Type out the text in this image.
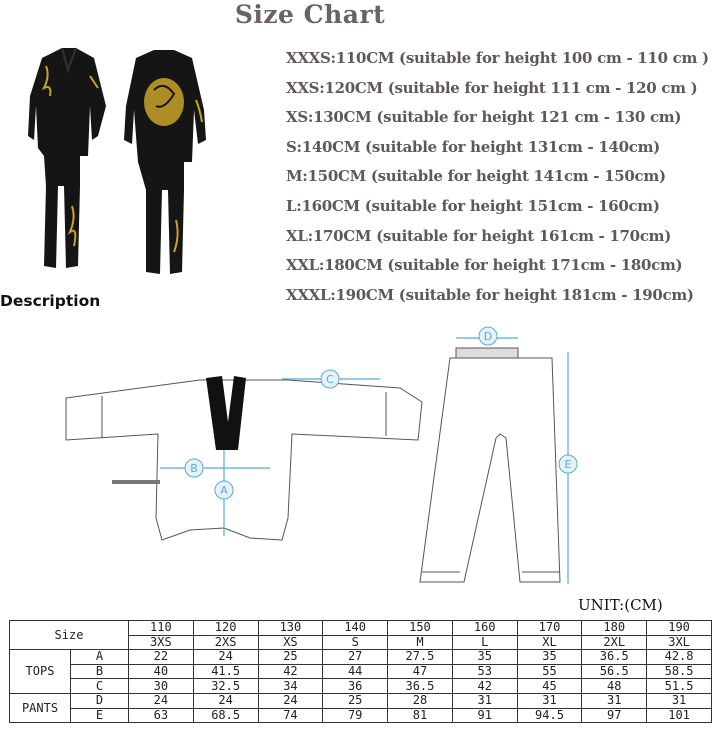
Size Chart
XXXS:110CM (suitable for height 100 cm - 110 cm )
XXS:120CM (suitable for height 111 cm - 120 cm )
XS:130CM (suitable for height 121 cm - 130 cm)
S:140CM (suitable for height 131cm - 140cm)
M:150CM (suitable for height 141cm - 150cm)
L:160CM (suitable for height 151cm - 160cm)
XL:170CM (suitable for height 161cm - 170cm)
XXL:180CM (suitable for height 171cm - 180cm)
XXXL:190CM (suitable for height 181cm - 190cm)
Description
C
B
A
D
E
UNIT:(CM)
Size		110	120	130	140	150	160	170	180	190
		3XS	2XS	XS	S	M	L	XL	2XL	3XL
TOPS	A	22	24	25	27	27.5	35	35	36.5	42.8
	B	40	41.5	42	44	47	53	55	56.5	58.5
	C	30	32.5	34	36	36.5	42	45	48	51.5
PANTS	D	24	24	24	25	28	31	31	31	31
	E	63	68.5	74	79	81	91	94.5	97	101
